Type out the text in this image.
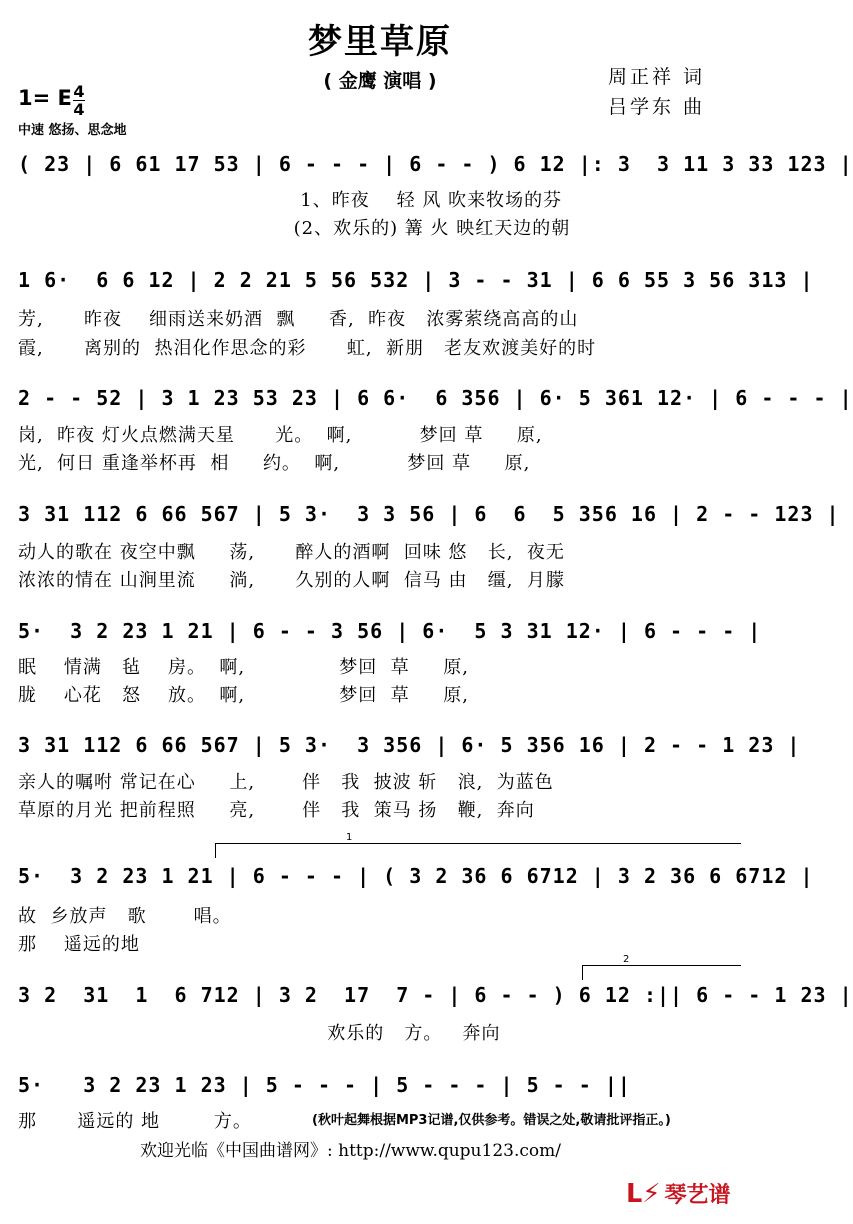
梦里草原
( 金鹰 演唱 )	周正祥 词
吕学东 曲
1= E 4
4
中速 悠扬、思念地
( 23 | 6 61 17 53 | 6 - - - | 6 - - ) 6 12 |: 3  3 11 3 33 123 |
1、昨夜    轻 风 吹来牧场的芬
(2、欢乐的) 篝 火 映红天边的朝
1 6·  6 6 12 | 2 2 21 5 56 532 | 3 - - 31 | 6 6 55 3 56 313 |
芳,      昨夜    细雨送来奶酒  飘     香,  昨夜   浓雾萦绕高高的山
霞,      离别的  热泪化作思念的彩      虹,  新朋   老友欢渡美好的时
2 - - 52 | 3 1 23 53 23 | 6 6·  6 356 | 6· 5 361 12· | 6 - - - |
岗,  昨夜 灯火点燃满天星      光。  啊,          梦回 草     原,
光,  何日 重逢举杯再  相     约。  啊,          梦回 草     原,
3 31 112 6 66 567 | 5 3·  3 3 56 | 6  6  5 356 16 | 2 - - 123 |
动人的歌在 夜空中飘     荡,      醉人的酒啊  回味 悠   长,  夜无
浓浓的情在 山涧里流     淌,      久别的人啊  信马 由   缰,  月朦
5·  3 2 23 1 21 | 6 - - 3 56 | 6·  5 3 31 12· | 6 - - - |
眠    情满   毡    房。  啊,              梦回  草     原,
胧    心花   怒    放。  啊,              梦回  草     原,
3 31 112 6 66 567 | 5 3·  3 356 | 6· 5 356 16 | 2 - - 1 23 |
亲人的嘱咐 常记在心     上,       伴   我  披波 斩   浪,  为蓝色
草原的月光 把前程照     亮,       伴   我  策马 扬   鞭,  奔向
1
5·  3 2 23 1 21 | 6 - - - | ( 3 2 36 6 6712 | 3 2 36 6 6712 |
故  乡放声   歌       唱。
那    遥远的地
2
3 2  31  1  6 712 | 3 2  17  7 - | 6 - - ) 6 12 :|| 6 - - 1 23 |
欢乐的   方。   奔向
5·   3 2 23 1 23 | 5 - - - | 5 - - - | 5 - - ||
那      遥远的 地        方。	(秋叶起舞根据MP3记谱,仅供参考。错误之处,敬请批评指正。)
欢迎光临《中国曲谱网》: http://www.qupu123.com/
ᒪ⚡ 琴艺谱
